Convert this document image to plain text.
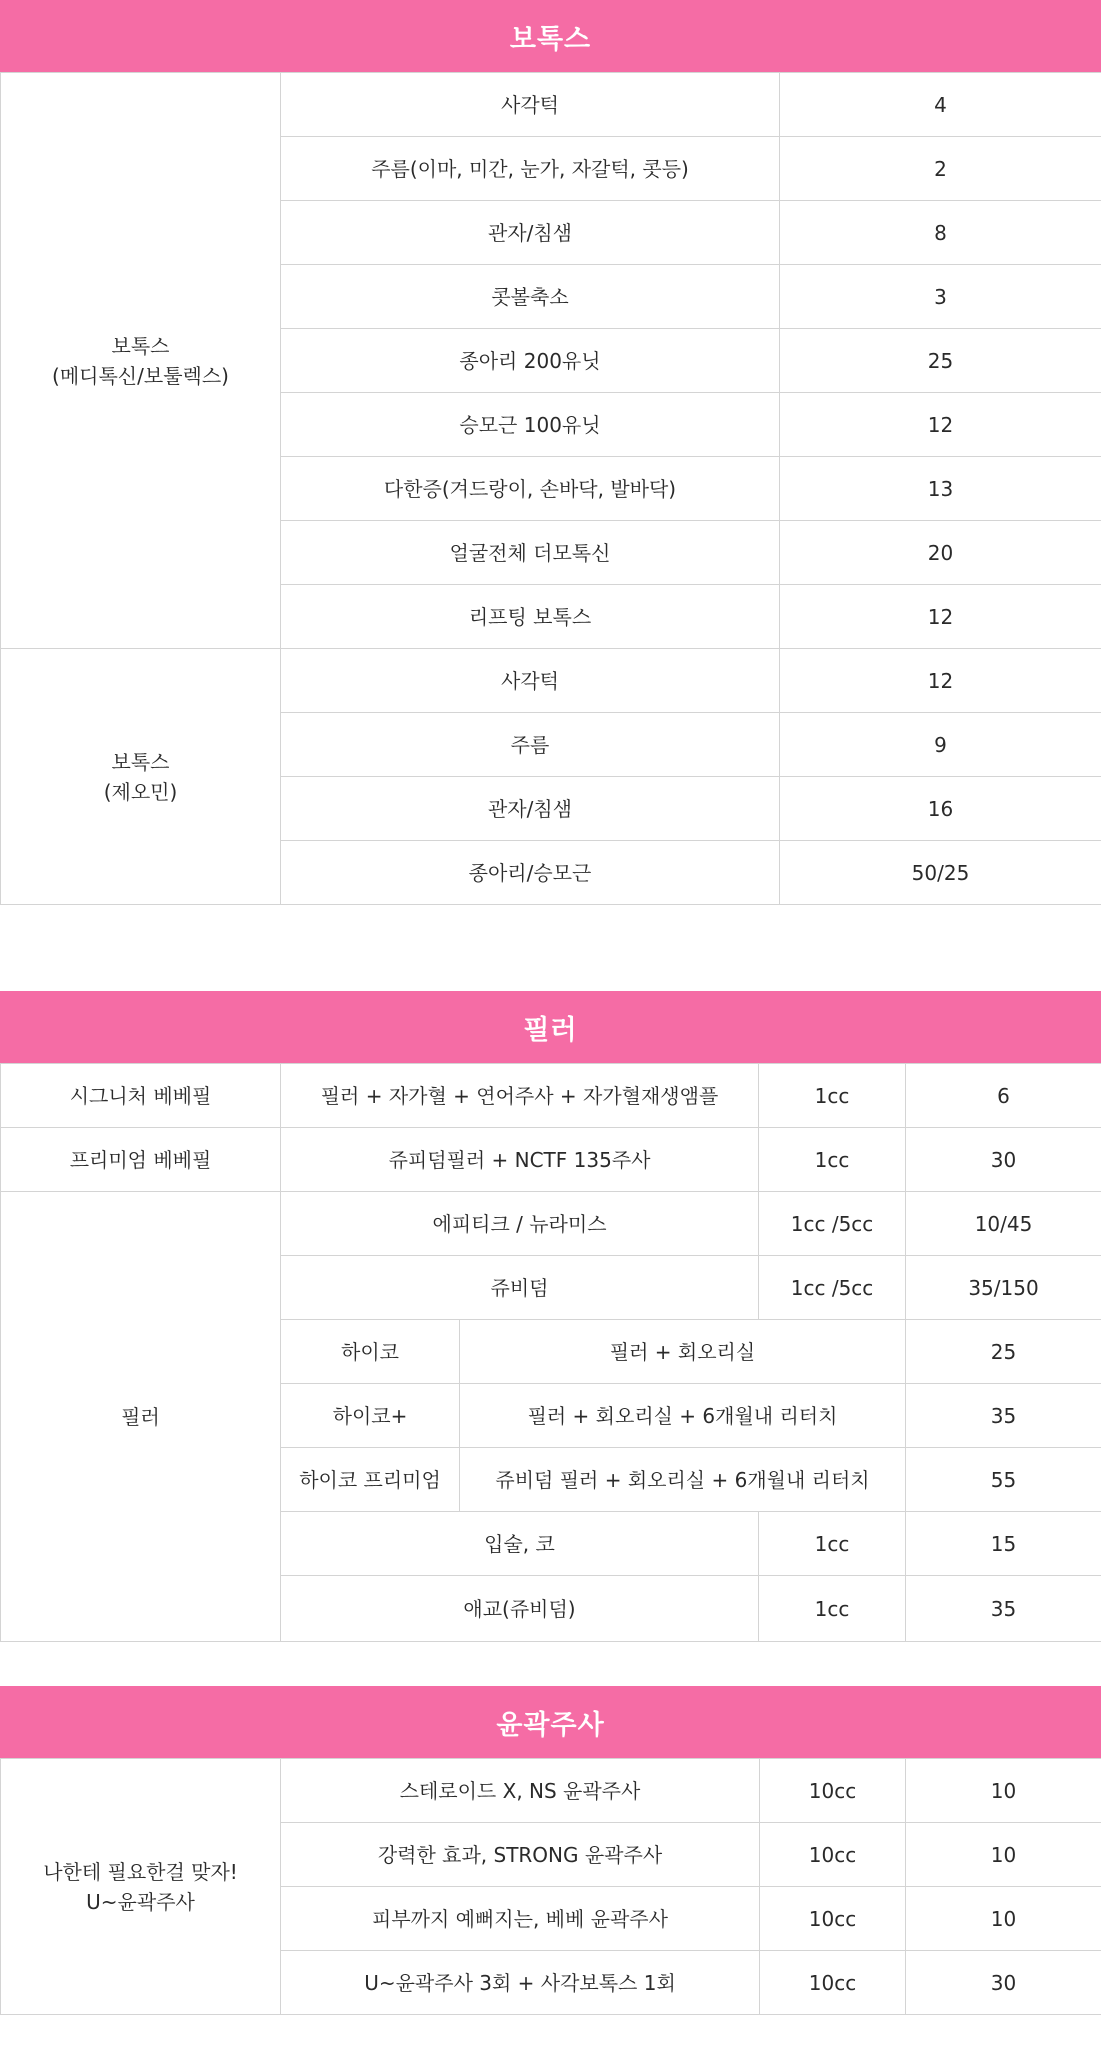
보톡스
보톡스
(메디톡신/보툴렉스)	사각턱	4
	주름(이마, 미간, 눈가, 자갈턱, 콧등)	2
	관자/침샘	8
	콧볼축소	3
	종아리 200유닛	25
	승모근 100유닛	12
	다한증(겨드랑이, 손바닥, 발바닥)	13
	얼굴전체 더모톡신	20
	리프팅 보톡스	12
보톡스
(제오민)	사각턱	12
	주름	9
	관자/침샘	16
	종아리/승모근	50/25
필러
시그니처 베베필	필러 + 자가혈 + 연어주사 + 자가혈재생앰플		1cc	6
프리미엄 베베필	쥬피덤필러 + NCTF 135주사		1cc	30
필러	에피티크 / 뉴라미스		1cc /5cc	10/45
	쥬비덤		1cc /5cc	35/150
	하이코	필러 + 회오리실		25
	하이코+	필러 + 회오리실 + 6개월내 리터치		35
	하이코 프리미엄	쥬비덤 필러 + 회오리실 + 6개월내 리터치		55
	입술, 코		1cc	15
	애교(쥬비덤)		1cc	35
윤곽주사
나한테 필요한걸 맞자!
U~윤곽주사	스테로이드 X, NS 윤곽주사	10cc	10
	강력한 효과, STRONG 윤곽주사	10cc	10
	피부까지 예뻐지는, 베베 윤곽주사	10cc	10
	U~윤곽주사 3회 + 사각보톡스 1회	10cc	30
